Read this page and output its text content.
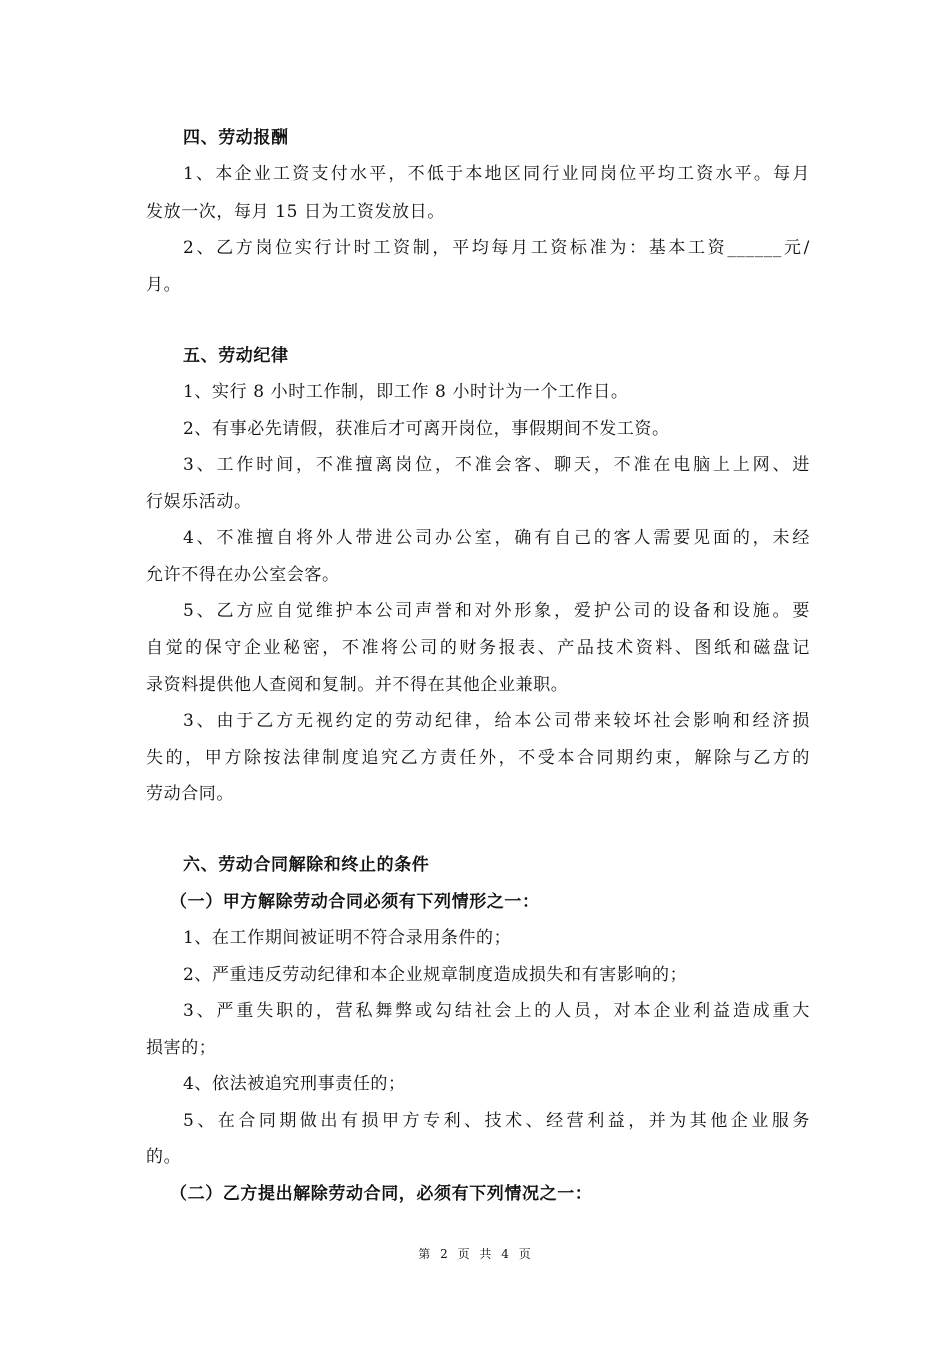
四、劳动报酬
1、本企业工资支付水平，不低于本地区同行业同岗位平均工资水平。每月
发放一次，每月 15 日为工资发放日。
2、乙方岗位实行计时工资制，平均每月工资标准为：基本工资______元/
月。
五、劳动纪律
1、实行 8 小时工作制，即工作 8 小时计为一个工作日。
2、有事必先请假，获准后才可离开岗位，事假期间不发工资。
3、工作时间，不准擅离岗位，不准会客、聊天，不准在电脑上上网、进
行娱乐活动。
4、不准擅自将外人带进公司办公室，确有自己的客人需要见面的，未经
允许不得在办公室会客。
5、乙方应自觉维护本公司声誉和对外形象，爱护公司的设备和设施。要
自觉的保守企业秘密，不准将公司的财务报表、产品技术资料、图纸和磁盘记
录资料提供他人查阅和复制。并不得在其他企业兼职。
3、由于乙方无视约定的劳动纪律，给本公司带来较坏社会影响和经济损
失的，甲方除按法律制度追究乙方责任外，不受本合同期约束，解除与乙方的
劳动合同。
六、劳动合同解除和终止的条件
（一）甲方解除劳动合同必须有下列情形之一：
1、在工作期间被证明不符合录用条件的；
2、严重违反劳动纪律和本企业规章制度造成损失和有害影响的；
3、严重失职的，营私舞弊或勾结社会上的人员，对本企业利益造成重大
损害的；
4、依法被追究刑事责任的；
5、在合同期做出有损甲方专利、技术、经营利益，并为其他企业服务
的。
（二）乙方提出解除劳动合同，必须有下列情况之一：
第 2 页 共 4 页
